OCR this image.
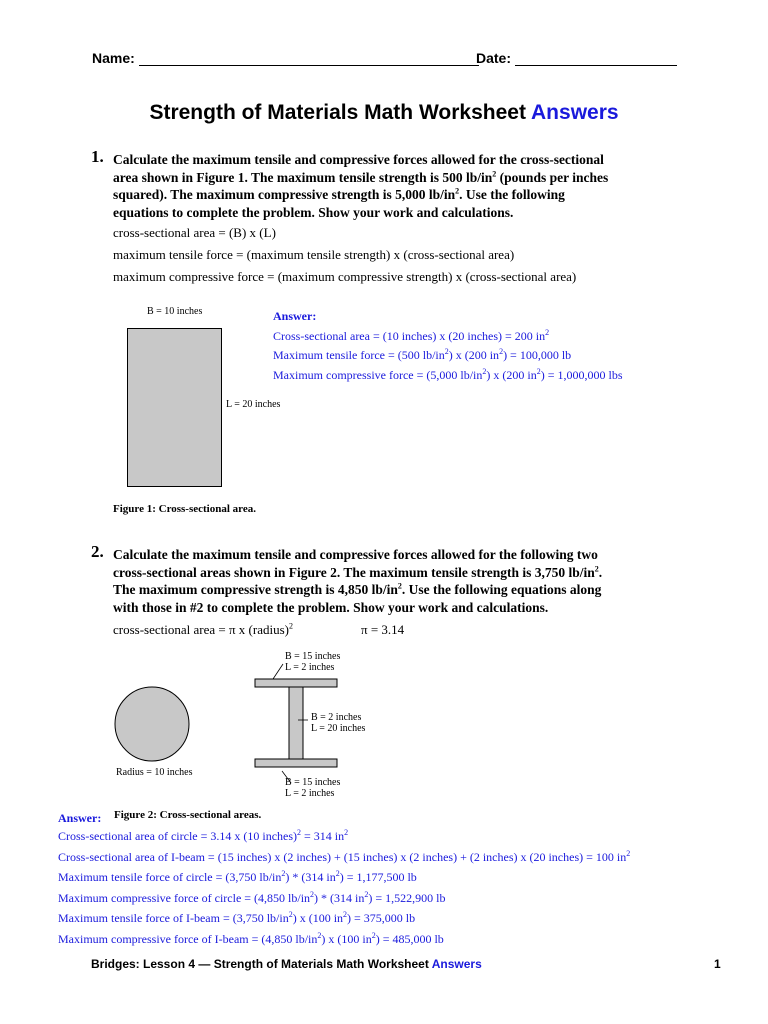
Name:	Date:
Strength of Materials Math Worksheet Answers
1. Calculate the maximum tensile and compressive forces allowed for the cross-sectional
area shown in Figure 1. The maximum tensile strength is 500 $lb/in^2$ (pounds per inches
squared). The maximum compressive strength is 5,000 $lb/in^2$. Use the following
equations to complete the problem. Show your work and calculations.
cross-sectional area = (B) x (L)
maximum tensile force = (maximum tensile strength) x (cross-sectional area)
maximum compressive force = (maximum compressive strength) x (cross-sectional area)
B = 10 inches
L = 20 inches
Figure 1: Cross-sectional area.
Answer:
Cross-sectional area = (10 inches) x (20 inches) = 200 $in^2$
Maximum tensile force = (500 $lb/in^2$) x (200 $in^2) = 100,000$ lb
Maximum compressive force = (5,000 $lb/in^2$) x (200 $in^2) = 1,000,000$ lbs
2. Calculate the maximum tensile and compressive forces allowed for the following two
cross-sectional areas shown in Figure 2. The maximum tensile strength is 3,750 $lb/in^2$.
The maximum compressive strength is 4,850 $lb/in^2$. Use the following equations along
with those in #2 to complete the problem. Show your work and calculations.
cross-sectional area = π x (radius)$^2$	π = 3.14
B = 15 inches
L = 2 inches
B = 2 inches
L = 20 inches
B = 15 inches
L = 2 inches
Radius = 10 inches
Answer: Figure 2: Cross-sectional areas.
Cross-sectional area of circle = 3.14 x (10 inches)$^2$ = 314 $in^2$
Cross-sectional area of I-beam = (15 inches) x (2 inches) + (15 inches) x (2 inches) + (2 inches) x (20 inches) = 100 $in^2$
Maximum tensile force of circle = (3,750 $lb/in^2) * (314$ $in^2) = 1,177,500$ lb
Maximum compressive force of circle = (4,850 $lb/in^2) * (314$ $in^2) = 1,522,900$ lb
Maximum tensile force of I-beam = (3,750 $lb/in^2$) x (100 $in^2) = 375,000$ lb
Maximum compressive force of I-beam = (4,850 $lb/in^2$) x (100 $in^2) = 485,000$ lb
Bridges: Lesson 4 — Strength of Materials Math Worksheet Answers	1
